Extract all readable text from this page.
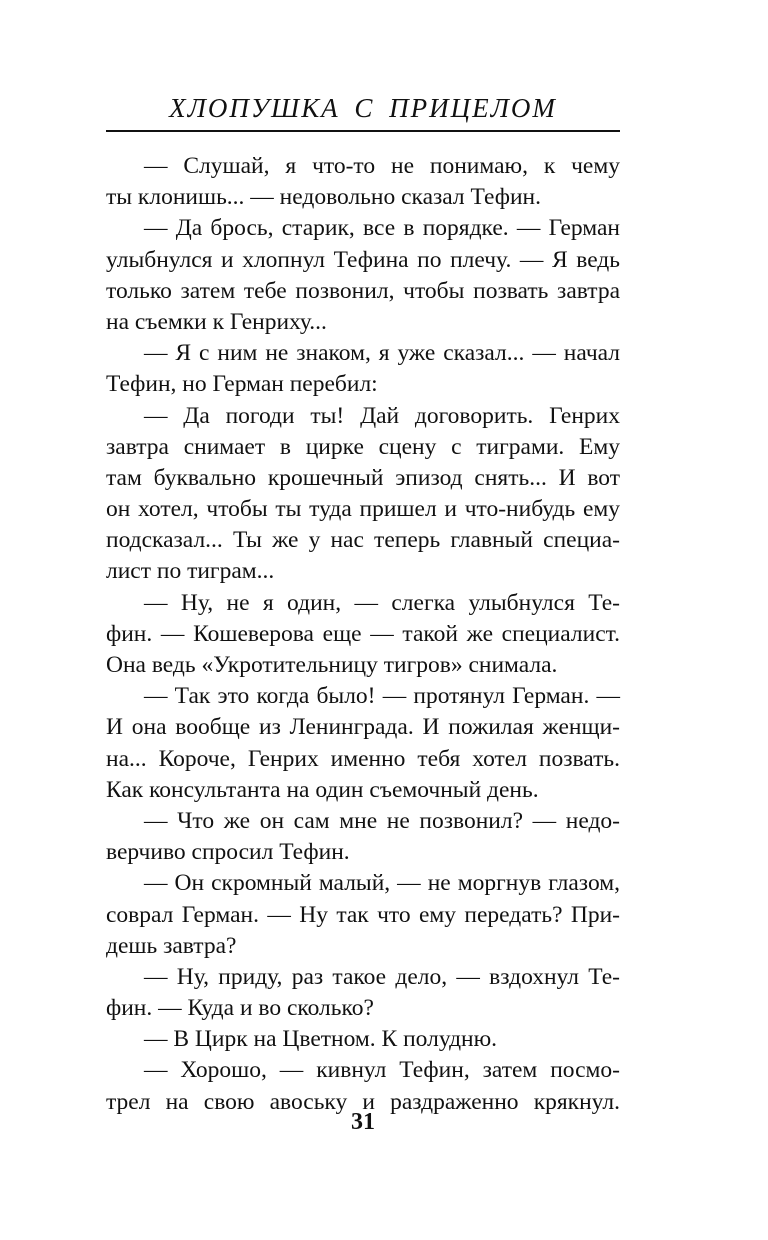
ХЛОПУШКА С ПРИЦЕЛОМ
— Слушай, я что-то не понимаю, к чему
ты клонишь... — недовольно сказал Тефин.
— Да брось, старик, все в порядке. — Герман
улыбнулся и хлопнул Тефина по плечу. — Я ведь
только затем тебе позвонил, чтобы позвать завтра
на съемки к Генриху...
— Я с ним не знаком, я уже сказал... — начал
Тефин, но Герман перебил:
— Да погоди ты! Дай договорить. Генрих
завтра снимает в цирке сцену с тиграми. Ему
там буквально крошечный эпизод снять... И вот
он хотел, чтобы ты туда пришел и что-нибудь ему
подсказал... Ты же у нас теперь главный специа-
лист по тиграм...
— Ну, не я один, — слегка улыбнулся Те-
фин. — Кошеверова еще — такой же специалист.
Она ведь «Укротительницу тигров» снимала.
— Так это когда было! — протянул Герман. —
И она вообще из Ленинграда. И пожилая женщи-
на... Короче, Генрих именно тебя хотел позвать.
Как консультанта на один съемочный день.
— Что же он сам мне не позвонил? — недо-
верчиво спросил Тефин.
— Он скромный малый, — не моргнув глазом,
соврал Герман. — Ну так что ему передать? При-
дешь завтра?
— Ну, приду, раз такое дело, — вздохнул Те-
фин. — Куда и во сколько?
— В Цирк на Цветном. К полудню.
— Хорошо, — кивнул Тефин, затем посмо-
трел на свою авоську и раздраженно крякнул.
31
